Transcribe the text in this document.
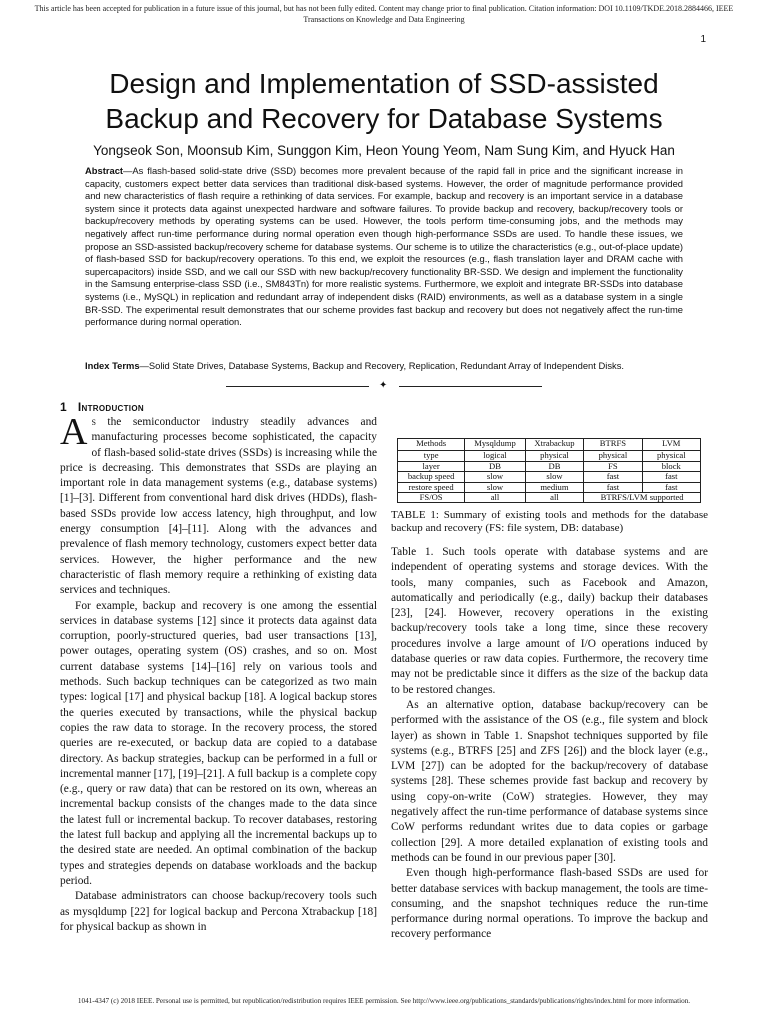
This article has been accepted for publication in a future issue of this journal, but has not been fully edited. Content may change prior to final publication. Citation information: DOI 10.1109/TKDE.2018.2884466, IEEE Transactions on Knowledge and Data Engineering
1
Design and Implementation of SSD-assisted
Backup and Recovery for Database Systems
Yongseok Son, Moonsub Kim, Sunggon Kim, Heon Young Yeom, Nam Sung Kim, and Hyuck Han
Abstract—As flash-based solid-state drive (SSD) becomes more prevalent because of the rapid fall in price and the significant increase in capacity, customers expect better data services than traditional disk-based systems. However, the order of magnitude performance provided and new characteristics of flash require a rethinking of data services. For example, backup and recovery is an important service in a database system since it protects data against unexpected hardware and software failures. To provide backup and recovery, backup/recovery tools or backup/recovery methods by operating systems can be used. However, the tools perform time-consuming jobs, and the methods may negatively affect run-time performance during normal operation even though high-performance SSDs are used. To handle these issues, we propose an SSD-assisted backup/recovery scheme for database systems. Our scheme is to utilize the characteristics (e.g., out-of-place update) of flash-based SSD for backup/recovery operations. To this end, we exploit the resources (e.g., flash translation layer and DRAM cache with supercapacitors) inside SSD, and we call our SSD with new backup/recovery functionality BR-SSD. We design and implement the functionality in the Samsung enterprise-class SSD (i.e., SM843Tn) for more realistic systems. Furthermore, we exploit and integrate BR-SSDs into database systems (i.e., MySQL) in replication and redundant array of independent disks (RAID) environments, as well as a database system in a single BR-SSD. The experimental result demonstrates that our scheme provides fast backup and recovery but does not negatively affect the run-time performance during normal operation.
Index Terms—Solid State Drives, Database Systems, Backup and Recovery, Replication, Redundant Array of Independent Disks.
✦
1 Introduction

As the semiconductor industry steadily advances and manufacturing processes become sophisticated, the capacity of flash-based solid-state drives (SSDs) is increasing while the price is decreasing. This demonstrates that SSDs are playing an important role in data management systems (e.g., database systems) [1]–[3]. Different from conventional hard disk drives (HDDs), flash-based SSDs provide low access latency, high throughput, and low energy consumption [4]–[11]. Along with the advances and prevalence of flash memory technology, customers expect better data services. However, the higher performance and the new characteristic of flash memory require a rethinking of existing data services and techniques.

For example, backup and recovery is one among the essential services in database systems [12] since it protects data against data corruption, poorly-structured queries, bad user transactions [13], power outages, operating system (OS) crashes, and so on. Most current database systems [14]–[16] rely on various tools and methods. Such backup techniques can be categorized as two main types: logical [17] and physical backup [18]. A logical backup stores the queries executed by transactions, while the physical backup copies the raw data to storage. In the recovery process, the stored queries are re-executed, or backup data are copied to a database directory. As backup strategies, backup can be performed in a full or incremental manner [17], [19]–[21]. A full backup is a complete copy (e.g., query or raw data) that can be restored on its own, whereas an incremental backup consists of the changes made to the data since the latest full or incremental backup. To recover databases, restoring the latest full backup and applying all the incremental backups up to the desired state are needed. An optimal combination of the backup types and strategies depends on database workloads and the backup period.

Database administrators can choose backup/recovery tools such as mysqldump [22] for logical backup and Percona Xtrabackup [18] for physical backup as shown in

Methods	Mysqldump	Xtrabackup	BTRFS	LVM
type	logical	physical	physical	physical
layer	DB	DB	FS	block
backup speed	slow	slow	fast	fast
restore speed	slow	medium	fast	fast
FS/OS	all	all	BTRFS/LVM supported	
TABLE 1: Summary of existing tools and methods for the database backup and recovery (FS: file system, DB: database)

Table 1. Such tools operate with database systems and are independent of operating systems and storage devices. With the tools, many companies, such as Facebook and Amazon, automatically and periodically (e.g., daily) backup their databases [23], [24]. However, recovery operations in the existing backup/recovery tools take a long time, since these recovery procedures involve a large amount of I/O operations induced by database queries or raw data copies. Furthermore, the recovery time may not be predictable since it differs as the size of the backup data to be restored changes.

As an alternative option, database backup/recovery can be performed with the assistance of the OS (e.g., file system and block layer) as shown in Table 1. Snapshot techniques supported by file systems (e.g., BTRFS [25] and ZFS [26]) and the block layer (e.g., LVM [27]) can be adopted for the backup/recovery of database systems [28]. These schemes provide fast backup and recovery by using copy-on-write (CoW) strategies. However, they may negatively affect the run-time performance of database systems since CoW performs redundant writes due to data copies or garbage collection [29]. A more detailed explanation of existing tools and methods can be found in our previous paper [30].

Even though high-performance flash-based SSDs are used for better database services with backup management, the tools are time-consuming, and the snapshot techniques reduce the run-time performance during normal operations. To improve the backup and recovery performance

1041-4347 (c) 2018 IEEE. Personal use is permitted, but republication/redistribution requires IEEE permission. See http://www.ieee.org/publications_standards/publications/rights/index.html for more information.
